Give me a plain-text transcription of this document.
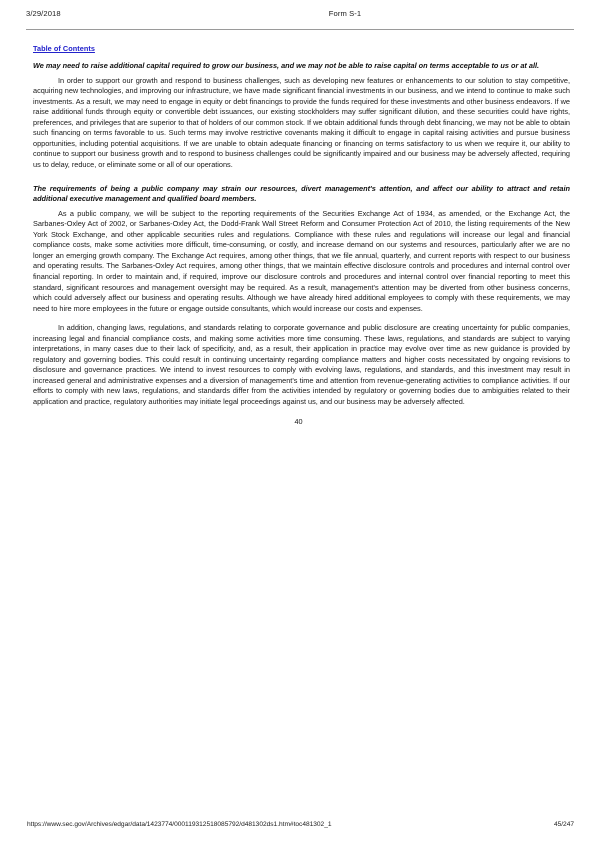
3/29/2018	Form S-1
Table of Contents
We may need to raise additional capital required to grow our business, and we may not be able to raise capital on terms acceptable to us or at all.

In order to support our growth and respond to business challenges, such as developing new features or enhancements to our solution to stay competitive, acquiring new technologies, and improving our infrastructure, we have made significant financial investments in our business, and we intend to continue to make such investments. As a result, we may need to engage in equity or debt financings to provide the funds required for these investments and other business endeavors. If we raise additional funds through equity or convertible debt issuances, our existing stockholders may suffer significant dilution, and these securities could have rights, preferences, and privileges that are superior to that of holders of our common stock. If we obtain additional funds through debt financing, we may not be able to obtain such financing on terms favorable to us. Such terms may involve restrictive covenants making it difficult to engage in capital raising activities and pursue business opportunities, including potential acquisitions. If we are unable to obtain adequate financing or financing on terms satisfactory to us when we require it, our ability to continue to support our business growth and to respond to business challenges could be significantly impaired and our business may be adversely affected, requiring us to delay, reduce, or eliminate some or all of our operations.

The requirements of being a public company may strain our resources, divert management's attention, and affect our ability to attract and retain additional executive management and qualified board members.

As a public company, we will be subject to the reporting requirements of the Securities Exchange Act of 1934, as amended, or the Exchange Act, the Sarbanes-Oxley Act of 2002, or Sarbanes-Oxley Act, the Dodd-Frank Wall Street Reform and Consumer Protection Act of 2010, the listing requirements of the New York Stock Exchange, and other applicable securities rules and regulations. Compliance with these rules and regulations will increase our legal and financial compliance costs, make some activities more difficult, time-consuming, or costly, and increase demand on our systems and resources, particularly after we are no longer an emerging growth company. The Exchange Act requires, among other things, that we file annual, quarterly, and current reports with respect to our business and operating results. The Sarbanes-Oxley Act requires, among other things, that we maintain effective disclosure controls and procedures and internal control over financial reporting. In order to maintain and, if required, improve our disclosure controls and procedures and internal control over financial reporting to meet this standard, significant resources and management oversight may be required. As a result, management's attention may be diverted from other business concerns, which could adversely affect our business and operating results. Although we have already hired additional employees to comply with these requirements, we may need to hire more employees in the future or engage outside consultants, which would increase our costs and expenses.

In addition, changing laws, regulations, and standards relating to corporate governance and public disclosure are creating uncertainty for public companies, increasing legal and financial compliance costs, and making some activities more time consuming. These laws, regulations, and standards are subject to varying interpretations, in many cases due to their lack of specificity, and, as a result, their application in practice may evolve over time as new guidance is provided by regulatory and governing bodies. This could result in continuing uncertainty regarding compliance matters and higher costs necessitated by ongoing revisions to disclosure and governance practices. We intend to invest resources to comply with evolving laws, regulations, and standards, and this investment may result in increased general and administrative expenses and a diversion of management's time and attention from revenue-generating activities to compliance activities. If our efforts to comply with new laws, regulations, and standards differ from the activities intended by regulatory or governing bodies due to ambiguities related to their application and practice, regulatory authorities may initiate legal proceedings against us, and our business may be adversely affected.

40
https://www.sec.gov/Archives/edgar/data/1423774/000119312518085792/d481302ds1.htm#toc481302_1	45/247
